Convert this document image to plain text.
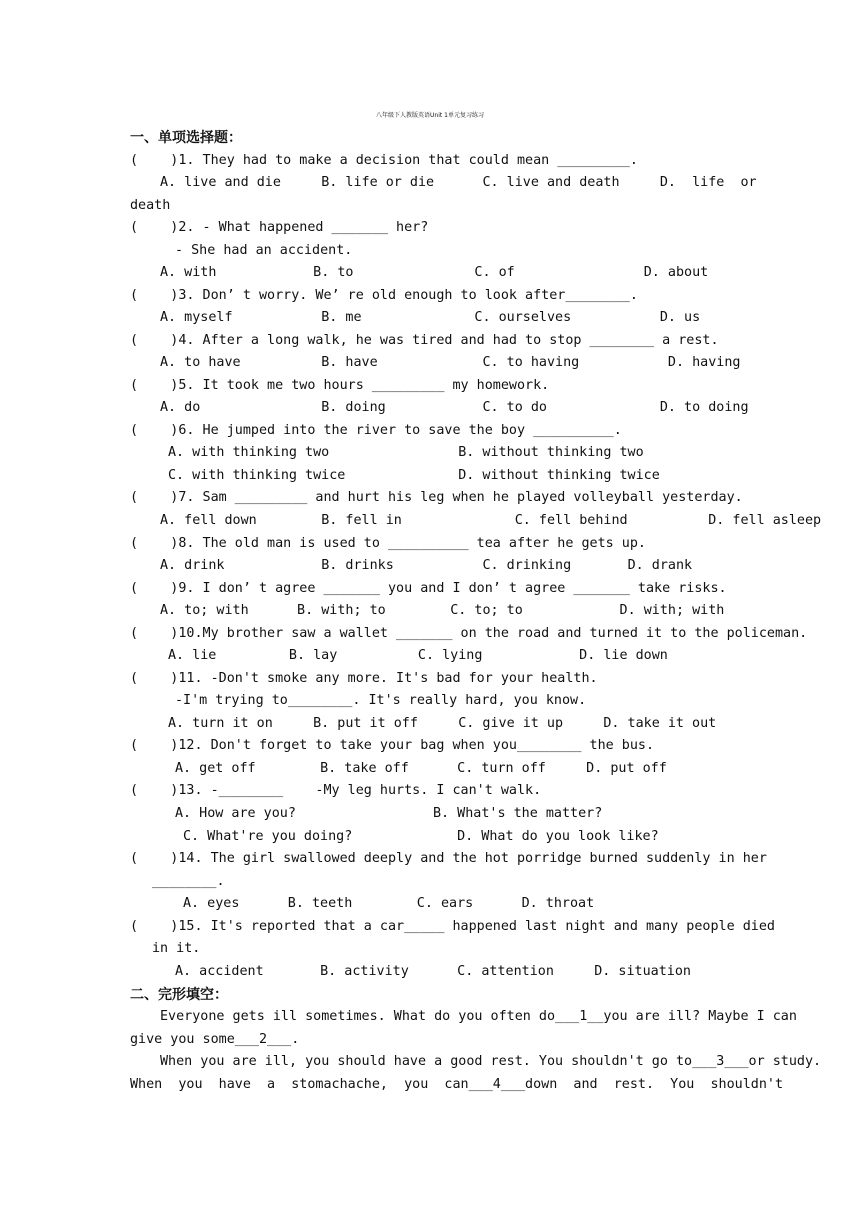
八年级下人教版英语Unit 1单元复习练习
一、单项选择题：
(    )1. They had to make a decision that could mean _________.
A. live and die     B. life or die      C. live and death     D.  life  or
death
(    )2. - What happened _______ her?
- She had an accident.
A. with            B. to               C. of                D. about
(    )3. Don’ t worry. We’ re old enough to look after________.
A. myself           B. me              C. ourselves           D. us
(    )4. After a long walk, he was tired and had to stop ________ a rest.
A. to have          B. have             C. to having           D. having
(    )5. It took me two hours _________ my homework.
A. do               B. doing            C. to do              D. to doing
(    )6. He jumped into the river to save the boy __________.
A. with thinking two                B. without thinking two
C. with thinking twice              D. without thinking twice
(    )7. Sam _________ and hurt his leg when he played volleyball yesterday.
A. fell down        B. fell in              C. fell behind          D. fell asleep
(    )8. The old man is used to __________ tea after he gets up.
A. drink            B. drinks           C. drinking       D. drank
(    )9. I don’ t agree _______ you and I don’ t agree _______ take risks.
A. to; with      B. with; to        C. to; to            D. with; with
(    )10.My brother saw a wallet _______ on the road and turned it to the policeman.
A. lie         B. lay          C. lying            D. lie down
(    )11. -Don't smoke any more. It's bad for your health.
-I'm trying to________. It's really hard, you know.
A. turn it on     B. put it off     C. give it up     D. take it out
(    )12. Don't forget to take your bag when you________ the bus.
A. get off        B. take off      C. turn off     D. put off
(    )13. -________    -My leg hurts. I can't walk.
A. How are you?                 B. What's the matter?
C. What're you doing?             D. What do you look like?
(    )14. The girl swallowed deeply and the hot porridge burned suddenly in her
________.
A. eyes      B. teeth        C. ears      D. throat
(    )15. It's reported that a car_____ happened last night and many people died
in it.
A. accident       B. activity      C. attention     D. situation
二、完形填空：
Everyone gets ill sometimes. What do you often do___1__you are ill? Maybe I can
give you some___2___.
When you are ill, you should have a good rest. You shouldn't go to___3___or study.
When  you  have  a  stomachache,  you  can___4___down  and  rest.  You  shouldn't
